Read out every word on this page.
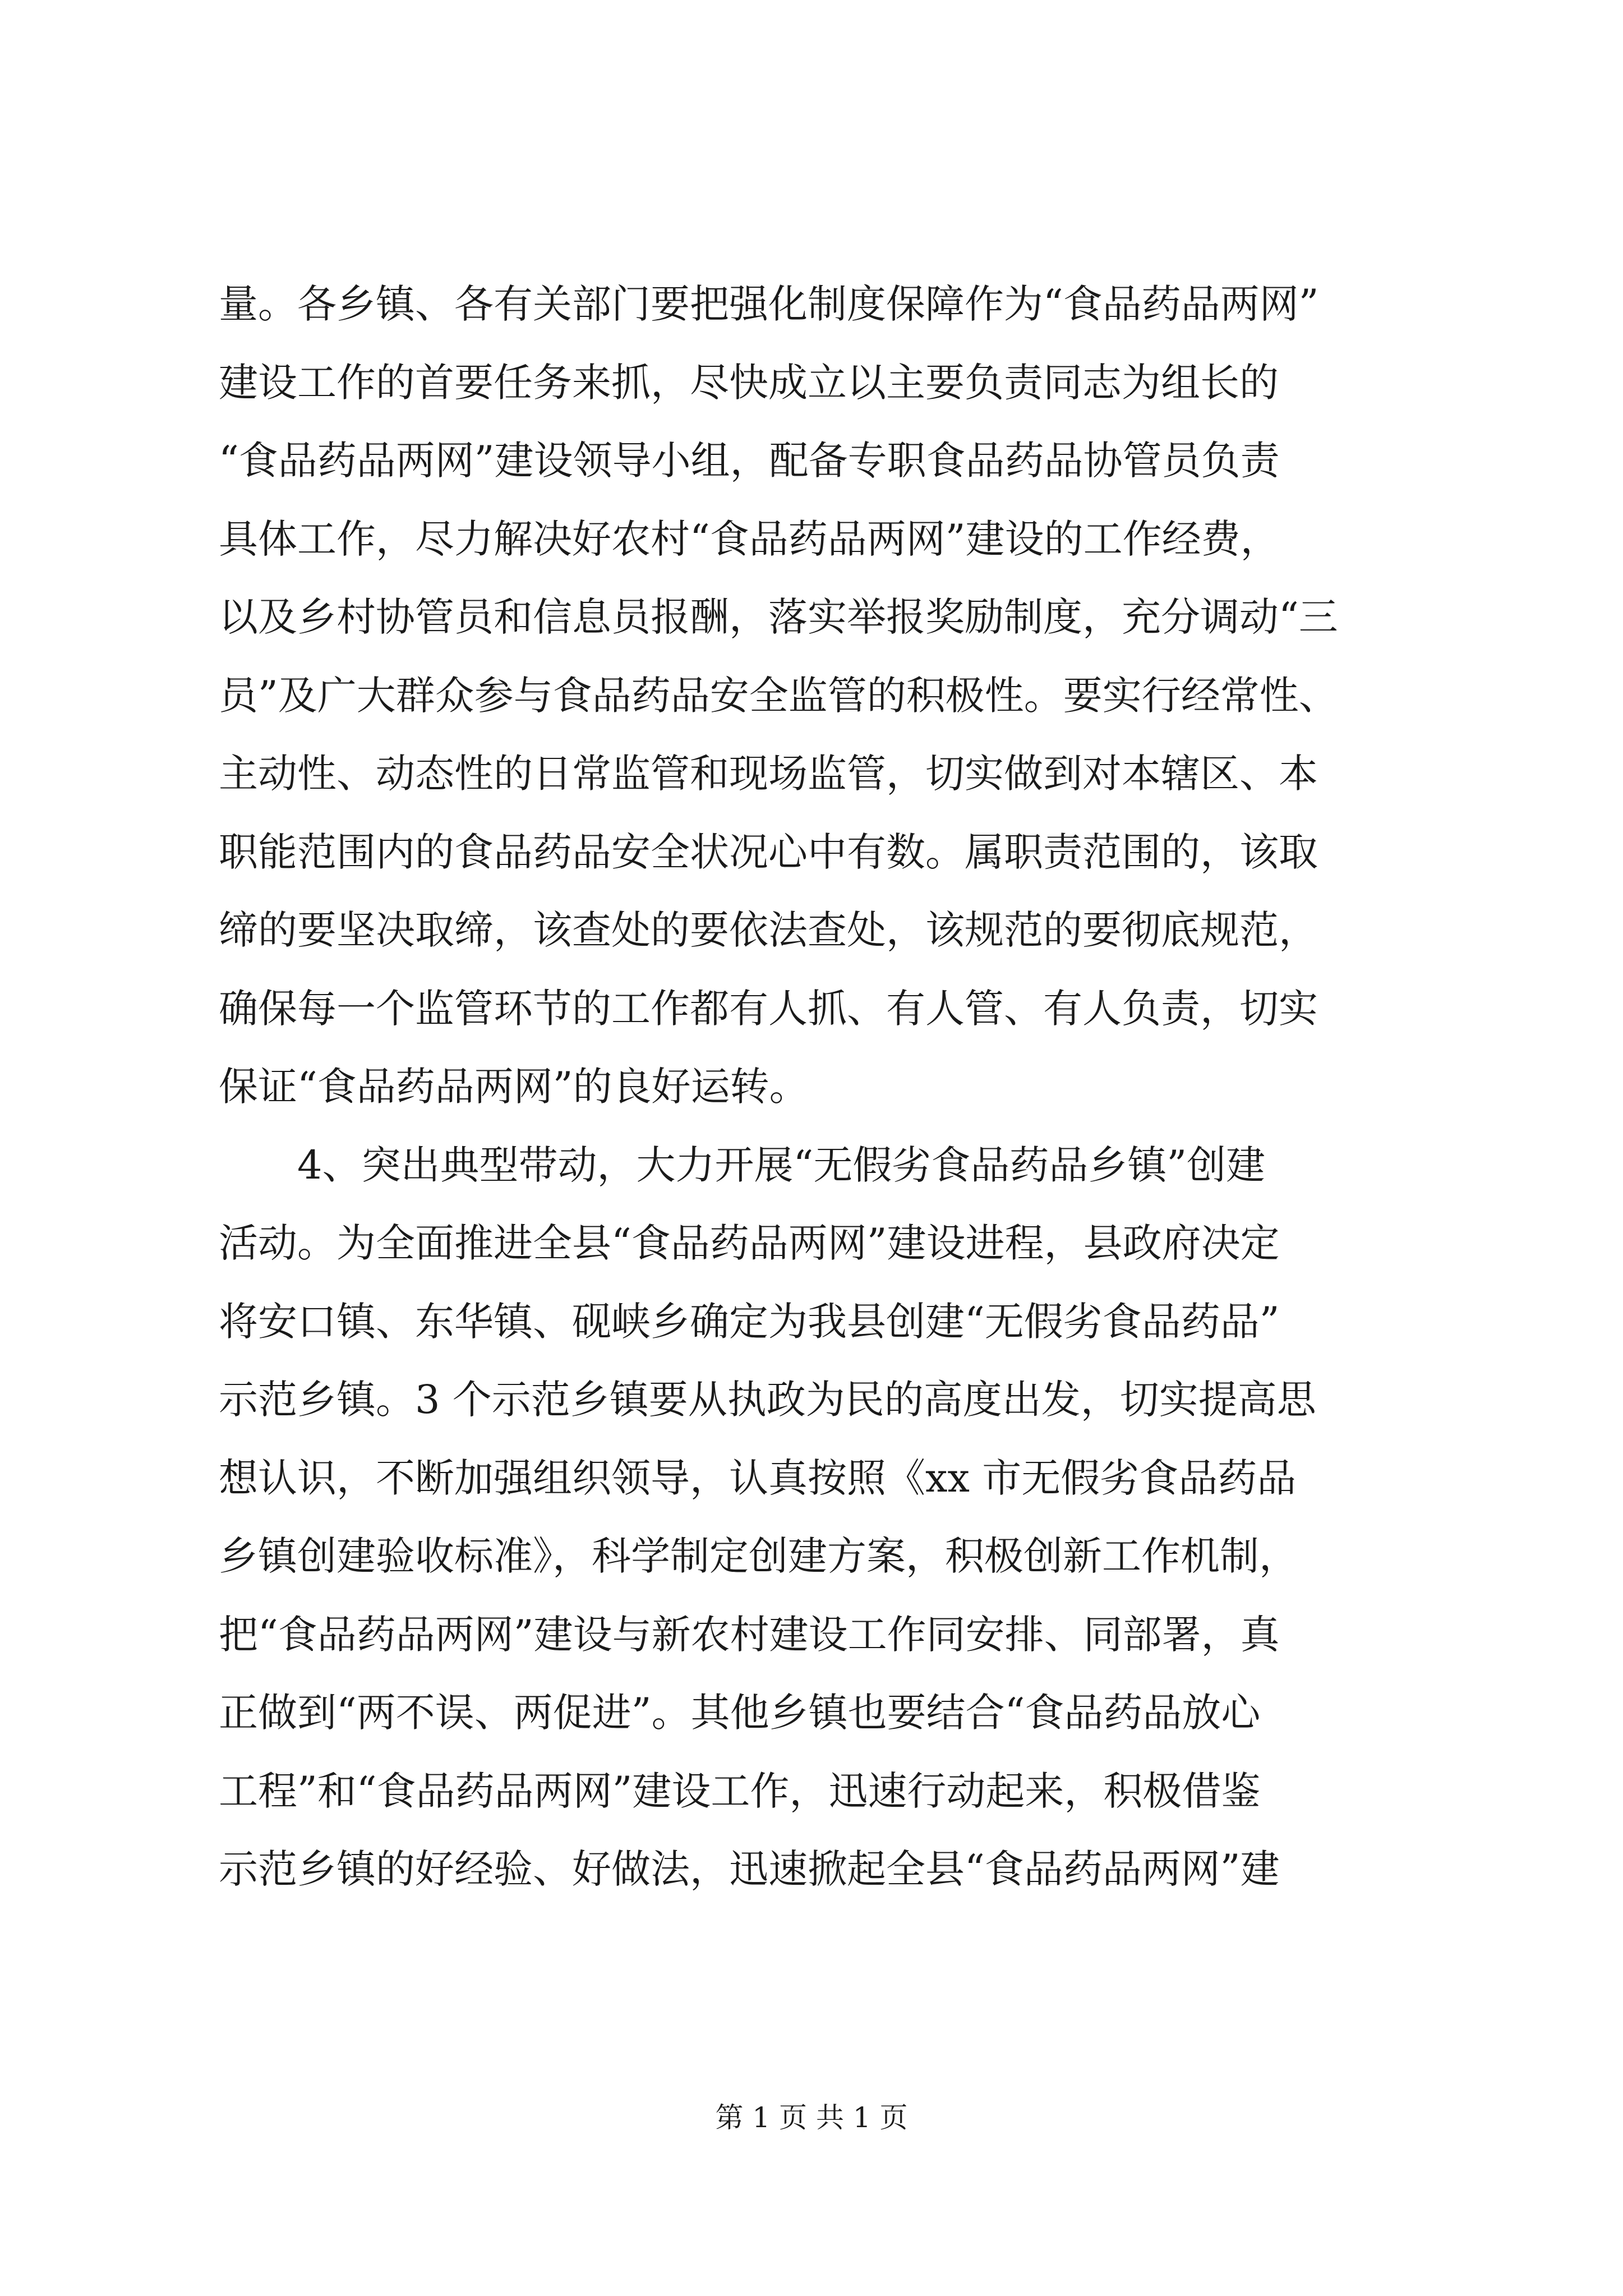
量。各乡镇、各有关部门要把强化制度保障作为“食品药品两网”
建设工作的首要任务来抓，尽快成立以主要负责同志为组长的
“食品药品两网”建设领导小组，配备专职食品药品协管员负责
具体工作，尽力解决好农村“食品药品两网”建设的工作经费，
以及乡村协管员和信息员报酬，落实举报奖励制度，充分调动“三
员”及广大群众参与食品药品安全监管的积极性。要实行经常性、
主动性、动态性的日常监管和现场监管，切实做到对本辖区、本
职能范围内的食品药品安全状况心中有数。属职责范围的，该取
缔的要坚决取缔，该查处的要依法查处，该规范的要彻底规范，
确保每一个监管环节的工作都有人抓、有人管、有人负责，切实
保证“食品药品两网”的良好运转。
　　4、突出典型带动，大力开展“无假劣食品药品乡镇”创建
活动。为全面推进全县“食品药品两网”建设进程，县政府决定
将安口镇、东华镇、砚峡乡确定为我县创建“无假劣食品药品”
示范乡镇。3 个示范乡镇要从执政为民的高度出发，切实提高思
想认识，不断加强组织领导，认真按照《xx 市无假劣食品药品
乡镇创建验收标准》，科学制定创建方案，积极创新工作机制，
把“食品药品两网”建设与新农村建设工作同安排、同部署，真
正做到“两不误、两促进”。其他乡镇也要结合“食品药品放心
工程”和“食品药品两网”建设工作，迅速行动起来，积极借鉴
示范乡镇的好经验、好做法，迅速掀起全县“食品药品两网”建
第 1 页 共 1 页
